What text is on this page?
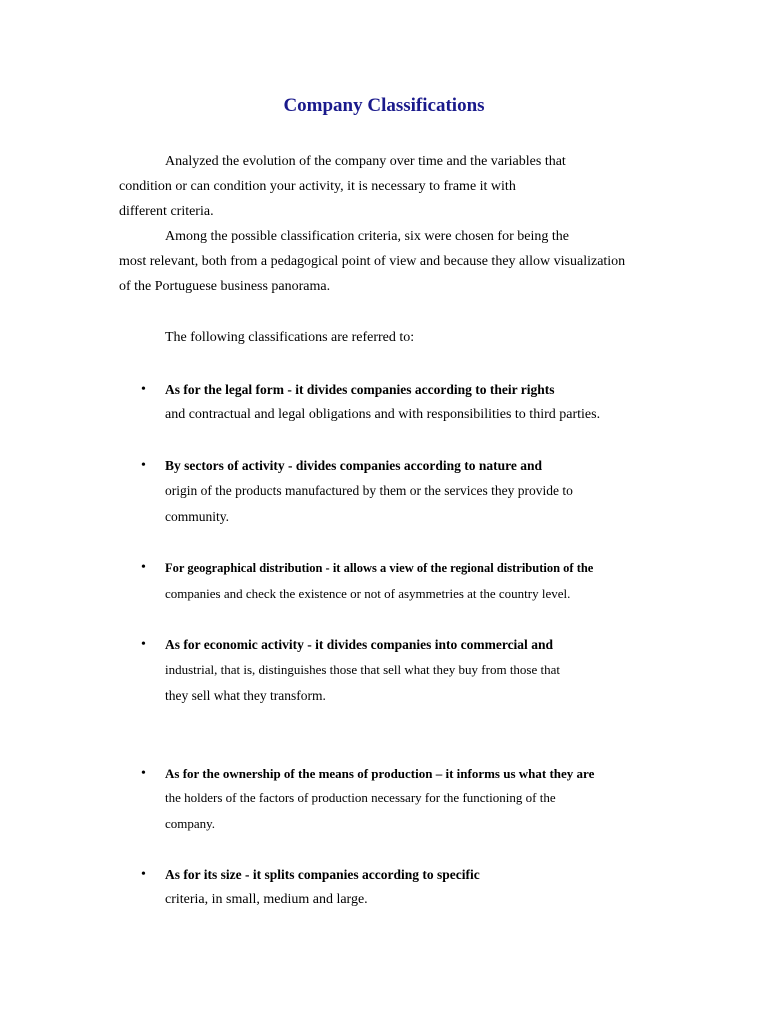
Company Classifications
Analyzed the evolution of the company over time and the variables that
condition or can condition your activity, it is necessary to frame it with
different criteria.
Among the possible classification criteria, six were chosen for being the
most relevant, both from a pedagogical point of view and because they allow visualization
of the Portuguese business panorama.
The following classifications are referred to:
• As for the legal form - it divides companies according to their rights
and contractual and legal obligations and with responsibilities to third parties.
• By sectors of activity - divides companies according to nature and
origin of the products manufactured by them or the services they provide to
community.
• For geographical distribution - it allows a view of the regional distribution of the
companies and check the existence or not of asymmetries at the country level.
• As for economic activity - it divides companies into commercial and
industrial, that is, distinguishes those that sell what they buy from those that
they sell what they transform.
• As for the ownership of the means of production – it informs us what they are
the holders of the factors of production necessary for the functioning of the
company.
• As for its size - it splits companies according to specific
criteria, in small, medium and large.
